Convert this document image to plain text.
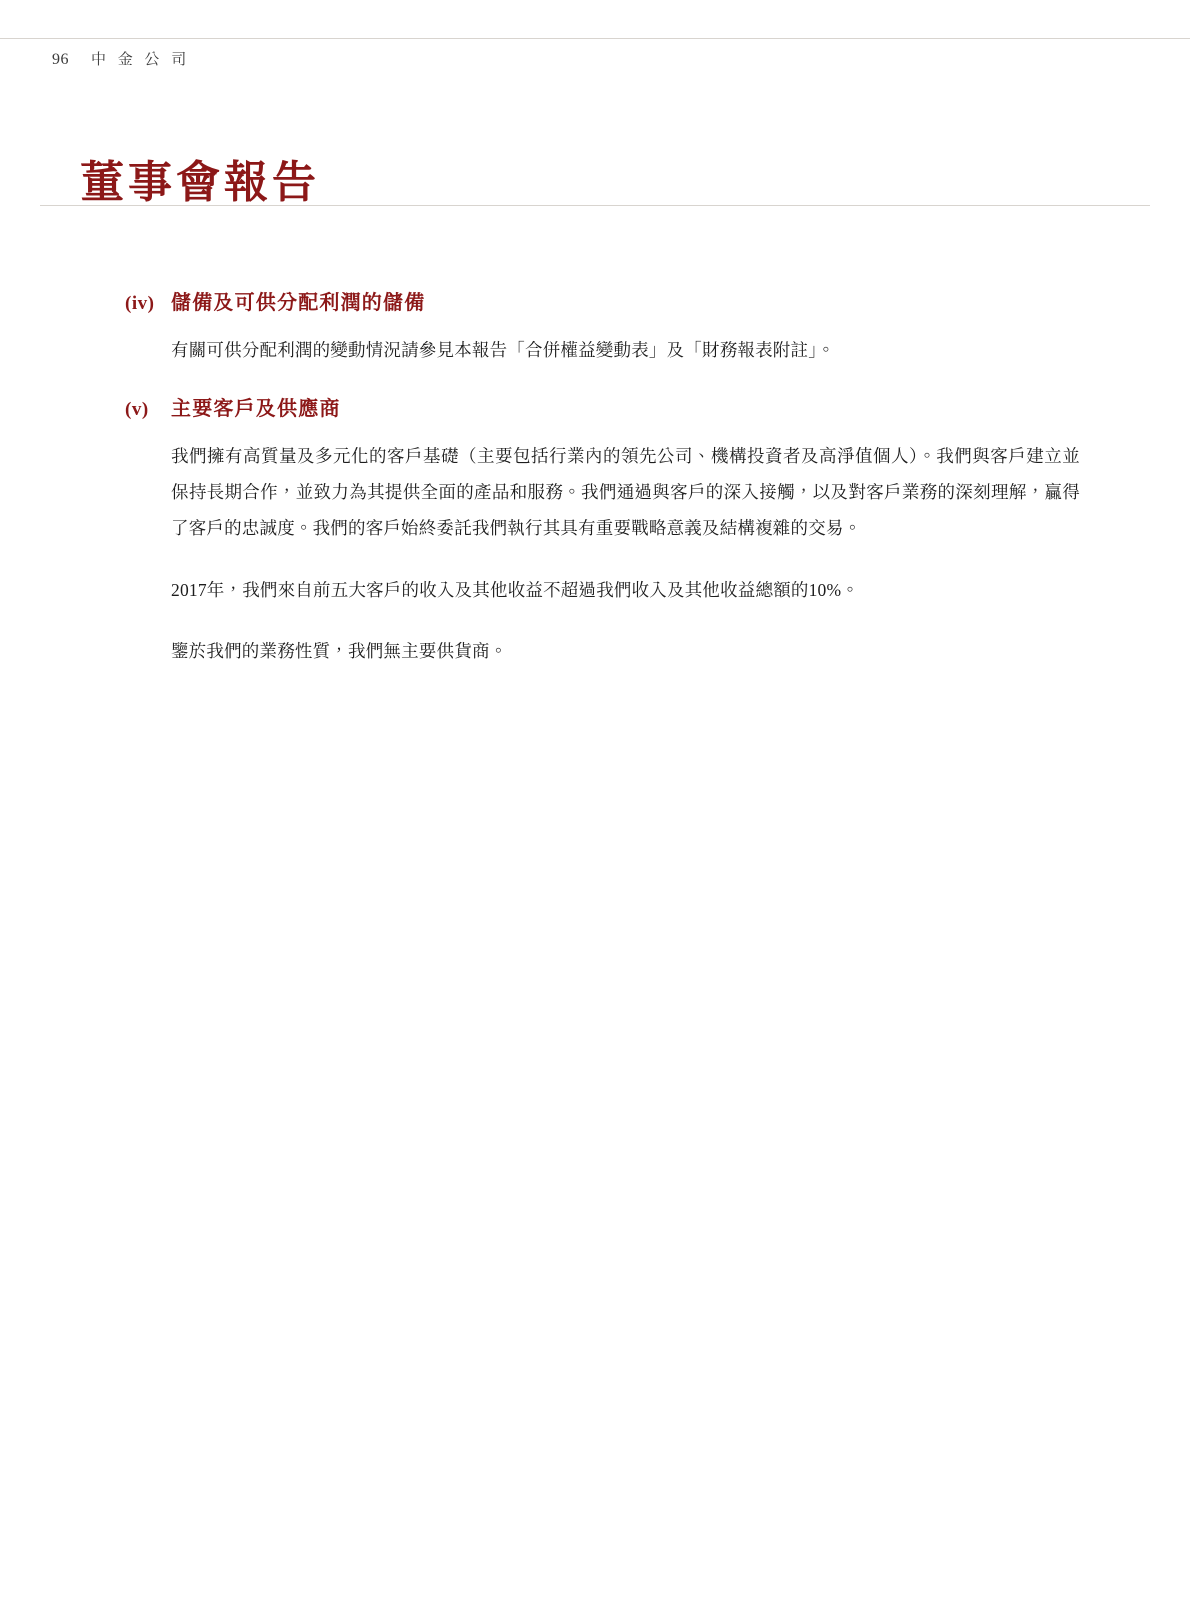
96 中 金 公 司
董事會報告
(iv) 儲備及可供分配利潤的儲備

有關可供分配利潤的變動情況請參見本報告「合併權益變動表」及「財務報表附註」。

(v)	主要客戶及供應商

我們擁有高質量及多元化的客戶基礎（主要包括行業內的領先公司、機構投資者及高淨值個人）。我們與客戶建立並保持長期合作，並致力為其提供全面的產品和服務。我們通過與客戶的深入接觸，以及對客戶業務的深刻理解，贏得了客戶的忠誠度。我們的客戶始終委託我們執行其具有重要戰略意義及結構複雜的交易。

2017年，我們來自前五大客戶的收入及其他收益不超過我們收入及其他收益總額的10%。

鑒於我們的業務性質，我們無主要供貨商。
